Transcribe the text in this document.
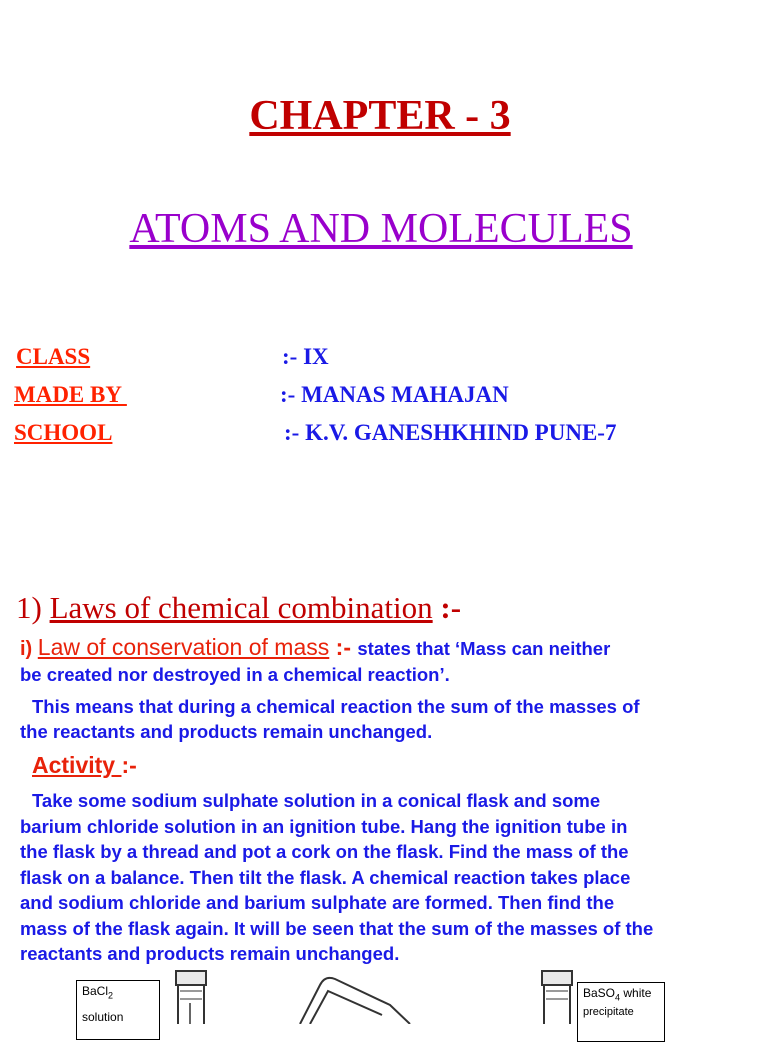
CHAPTER - 3
ATOMS AND MOLECULES
CLASS	:- IX
MADE BY	:- MANAS MAHAJAN
SCHOOL	:- K.V. GANESHKHIND PUNE-7
1) Laws of chemical combination :-
i) Law of conservation of mass :- states that ‘Mass can neither
be created nor destroyed in a chemical reaction’.
This means that during a chemical reaction the sum of the masses of
the reactants and products remain unchanged.
Activity :-
Take some sodium sulphate solution in a conical flask and some
barium chloride solution in an ignition tube. Hang the ignition tube in
the flask by a thread and pot a cork on the flask. Find the mass of the
flask on a balance. Then tilt the flask. A chemical reaction takes place
and sodium chloride and barium sulphate are formed. Then find the
mass of the flask again. It will be seen that the sum of the masses of the
reactants and products remain unchanged.
BaCl$_2$
solution
BaSO$_4$ white
precipitate
